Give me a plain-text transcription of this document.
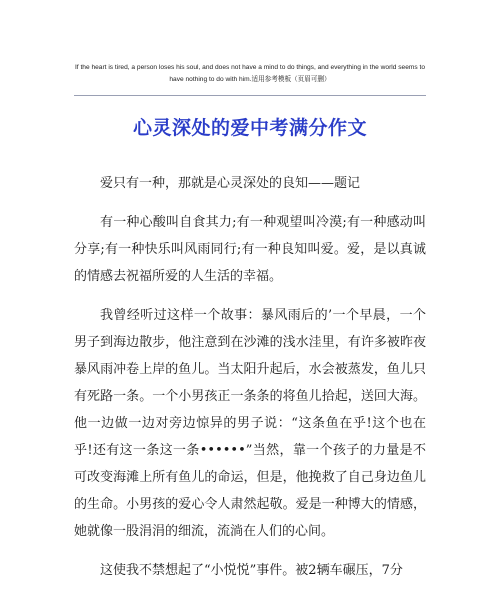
If the heart is tired, a person loses his soul, and does not have a mind to do things, and everything in the world seems to have nothing to do with him.适用参考模板（页眉可删）

心灵深处的爱中考满分作文

爱只有一种，那就是心灵深处的良知——题记

有一种心酸叫自食其力;有一种观望叫冷漠;有一种感动叫分享;有一种快乐叫风雨同行;有一种良知叫爱。爱，是以真诚的情感去祝福所爱的人生活的幸福。

我曾经听过这样一个故事：暴风雨后的’一个早晨，一个男子到海边散步，他注意到在沙滩的浅水洼里，有许多被昨夜暴风雨冲卷上岸的鱼儿。当太阳升起后，水会被蒸发，鱼儿只有死路一条。一个小男孩正一条条的将鱼儿拾起，送回大海。他一边做一边对旁边惊异的男子说：“这条鱼在乎!这个也在乎!还有这一条这一条••••••”当然，靠一个孩子的力量是不可改变海滩上所有鱼儿的命运，但是，他挽救了自己身边鱼儿的生命。小男孩的爱心令人肃然起敬。爱是一种博大的情感，她就像一股涓涓的细流，流淌在人们的心间。

这使我不禁想起了“小悦悦”事件。被2辆车碾压，7分
